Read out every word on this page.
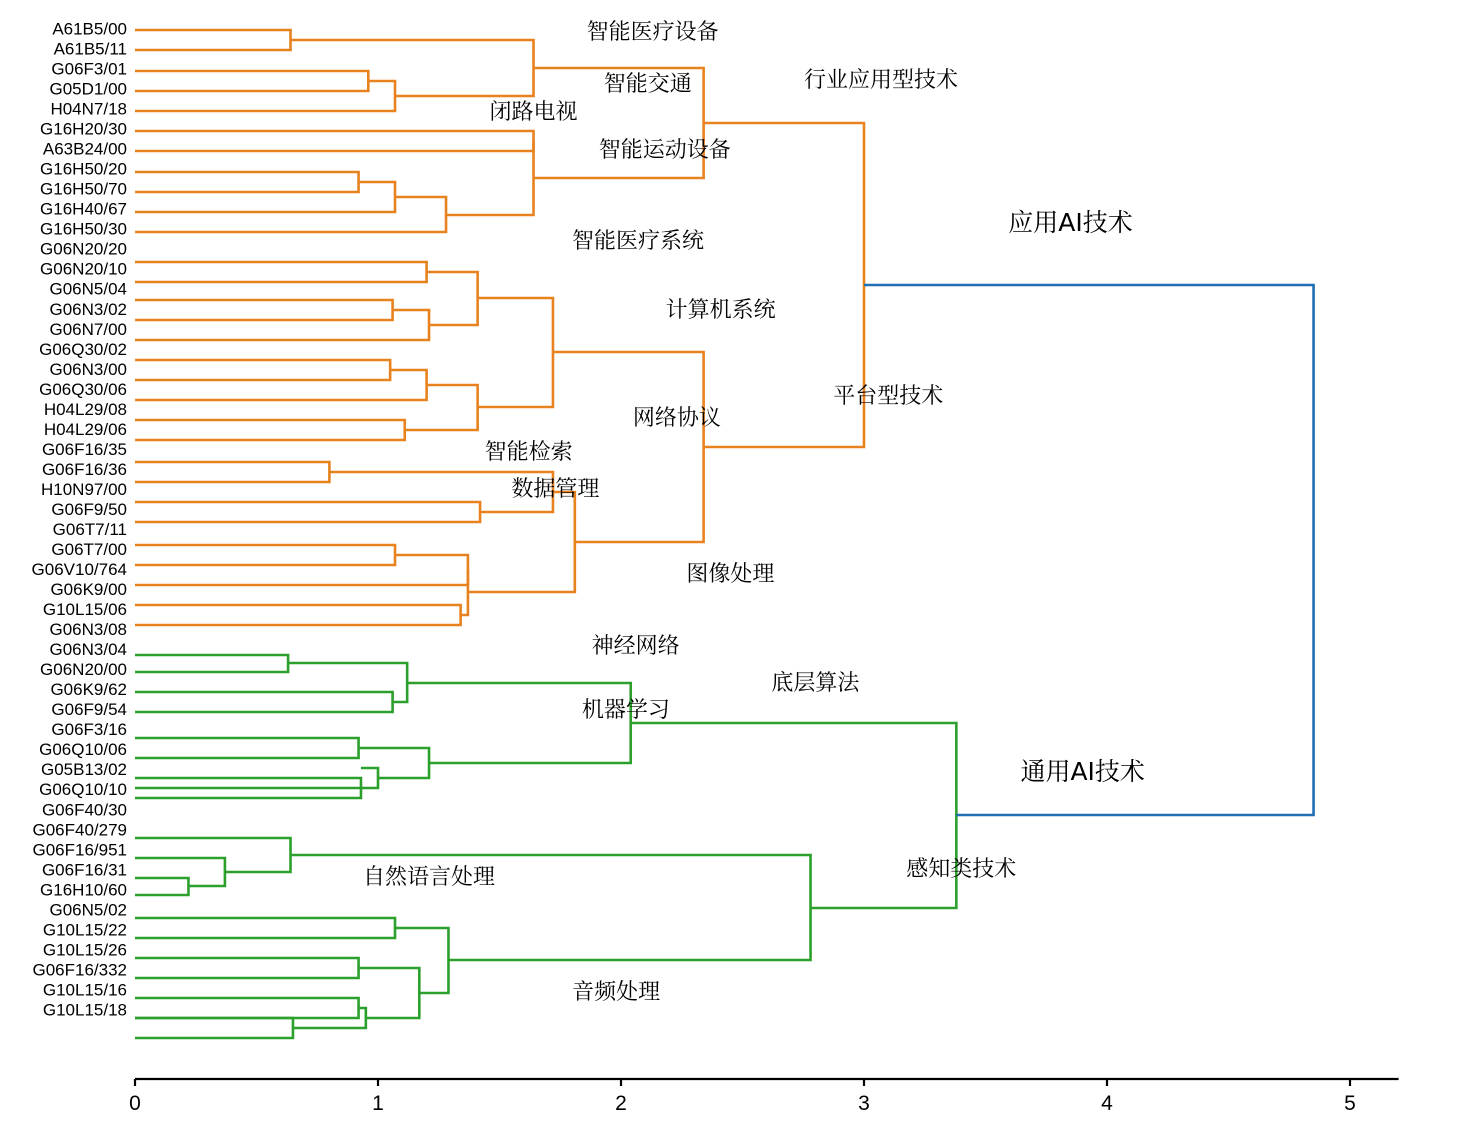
A61B5/00
A61B5/11
G06F3/01
G05D1/00
H04N7/18
G16H20/30
A63B24/00
G16H50/20
G16H50/70
G16H40/67
G16H50/30
G06N20/20
G06N20/10
G06N5/04
G06N3/02
G06N7/00
G06Q30/02
G06N3/00
G06Q30/06
H04L29/08
H04L29/06
G06F16/35
G06F16/36
H10N97/00
G06F9/50
G06T7/11
G06T7/00
G06V10/764
G06K9/00
G10L15/06
G06N3/08
G06N3/04
G06N20/00
G06K9/62
G06F9/54
G06F3/16
G06Q10/06
G05B13/02
G06Q10/10
G06F40/30
G06F40/279
G06F16/951
G06F16/31
G16H10/60
G06N5/02
G10L15/22
G10L15/26
G06F16/332
G10L15/16
G10L15/18
智能医疗设备
智能交通
闭路电视
智能运动设备
智能医疗系统
计算机系统
网络协议
智能检索
数据管理
图像处理
神经网络
机器学习
底层算法
自然语言处理
音频处理
感知类技术
行业应用型技术
平台型技术
应用AI技术
通用AI技术
0	1	2	3	4	5
